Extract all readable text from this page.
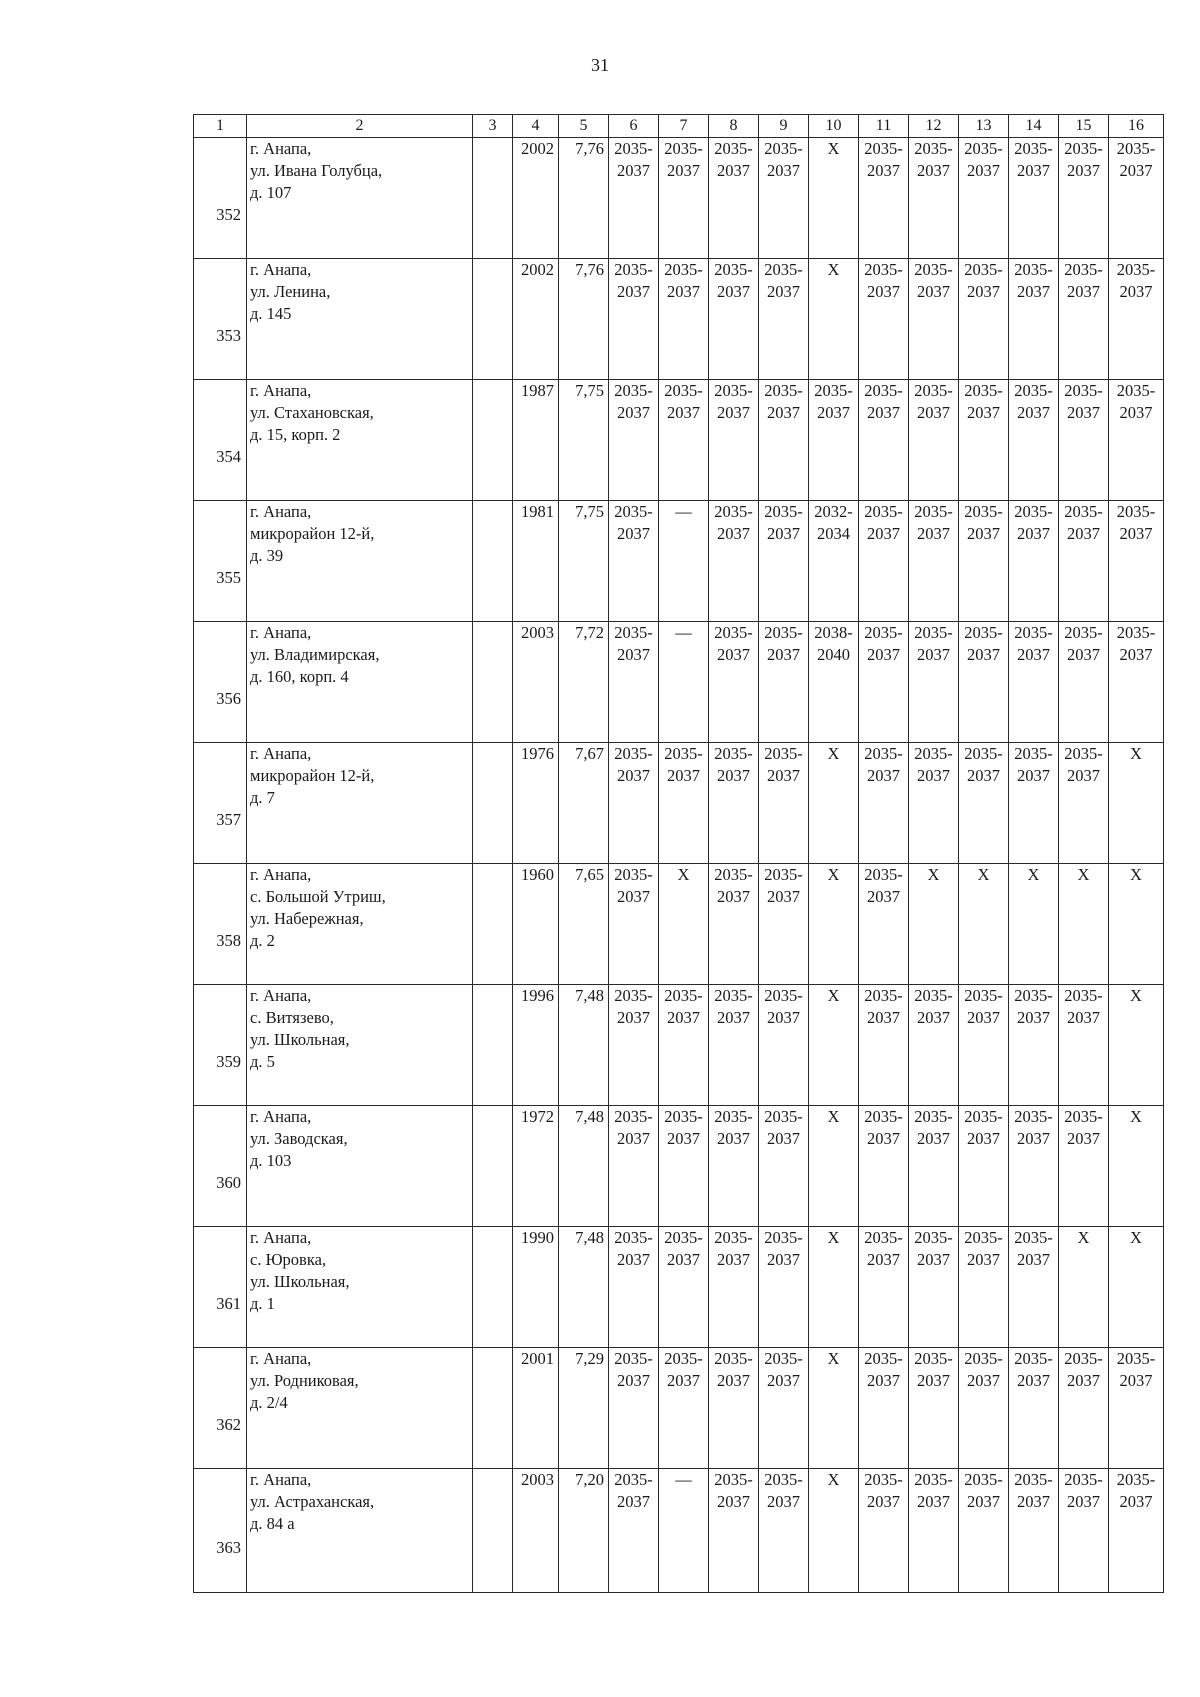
31
1	2	3	4	5	6	7	8	9	10	11	12	13	14	15	16
352	г. Анапа,
ул. Ивана Голубца,
д. 107		2002	7,76	2035-
2037	2035-
2037	2035-
2037	2035-
2037	X	2035-
2037	2035-
2037	2035-
2037	2035-
2037	2035-
2037	2035-
2037

353	г. Анапа,
ул. Ленина,
д. 145		2002	7,76	2035-
2037	2035-
2037	2035-
2037	2035-
2037	X	2035-
2037	2035-
2037	2035-
2037	2035-
2037	2035-
2037	2035-
2037

354	г. Анапа,
ул. Стахановская,
д. 15, корп. 2		1987	7,75	2035-
2037	2035-
2037	2035-
2037	2035-
2037	2035-
2037	2035-
2037	2035-
2037	2035-
2037	2035-
2037	2035-
2037	2035-
2037

355	г. Анапа,
микрорайон 12-й,
д. 39		1981	7,75	2035-
2037	—	2035-
2037	2035-
2037	2032-
2034	2035-
2037	2035-
2037	2035-
2037	2035-
2037	2035-
2037	2035-
2037

356	г. Анапа,
ул. Владимирская,
д. 160, корп. 4		2003	7,72	2035-
2037	—	2035-
2037	2035-
2037	2038-
2040	2035-
2037	2035-
2037	2035-
2037	2035-
2037	2035-
2037	2035-
2037

357	г. Анапа,
микрорайон 12-й,
д. 7		1976	7,67	2035-
2037	2035-
2037	2035-
2037	2035-
2037	X	2035-
2037	2035-
2037	2035-
2037	2035-
2037	2035-
2037	X

358	г. Анапа,
с. Большой Утриш,
ул. Набережная,
д. 2		1960	7,65	2035-
2037	X	2035-
2037	2035-
2037	X	2035-
2037	X	X	X	X	X

359	г. Анапа,
с. Витязево,
ул. Школьная,
д. 5		1996	7,48	2035-
2037	2035-
2037	2035-
2037	2035-
2037	X	2035-
2037	2035-
2037	2035-
2037	2035-
2037	2035-
2037	X

360	г. Анапа,
ул. Заводская,
д. 103		1972	7,48	2035-
2037	2035-
2037	2035-
2037	2035-
2037	X	2035-
2037	2035-
2037	2035-
2037	2035-
2037	2035-
2037	X

361	г. Анапа,
с. Юровка,
ул. Школьная,
д. 1		1990	7,48	2035-
2037	2035-
2037	2035-
2037	2035-
2037	X	2035-
2037	2035-
2037	2035-
2037	2035-
2037	X	X

362	г. Анапа,
ул. Родниковая,
д. 2/4		2001	7,29	2035-
2037	2035-
2037	2035-
2037	2035-
2037	X	2035-
2037	2035-
2037	2035-
2037	2035-
2037	2035-
2037	2035-
2037

363	г. Анапа,
ул. Астраханская,
д. 84 а		2003	7,20	2035-
2037	—	2035-
2037	2035-
2037	X	2035-
2037	2035-
2037	2035-
2037	2035-
2037	2035-
2037	2035-
2037
